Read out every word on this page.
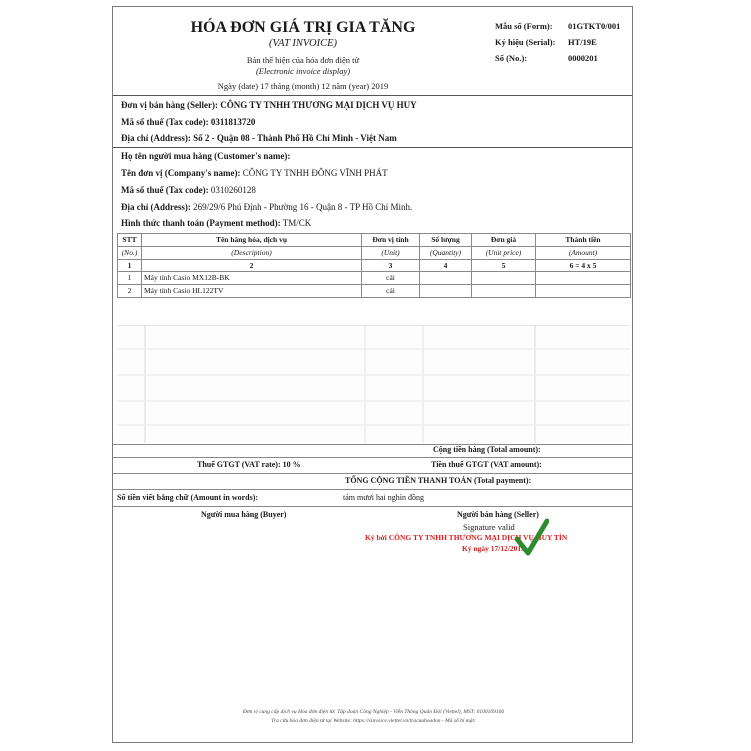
HÓA ĐƠN GIÁ TRỊ GIA TĂNG
(VAT INVOICE)
Bản thể hiện của hóa đơn điện tử
(Electronic invoice display)
Ngày (date) 17 tháng (month) 12 năm (year) 2019
Mẫu số (Form): 01GTKT0/001
Ký hiệu (Serial): HT/19E
Số (No.):	0000201
Đơn vị bán hàng (Seller): CÔNG TY TNHH THƯƠNG MẠI DỊCH VỤ HUY
Mã số thuế (Tax code): 0311813720
Địa chỉ (Address): Số 2 - Quận 08 - Thành Phố Hồ Chí Minh - Việt Nam
Họ tên người mua hàng (Customer's name):
Tên đơn vị (Company's name): CÔNG TY TNHH ĐÔNG VĨNH PHÁT
Mã số thuế (Tax code): 0310260128
Địa chỉ (Address): 269/29/6 Phú Định - Phường 16 - Quận 8 - TP Hồ Chí Minh.
Hình thức thanh toán (Payment method): TM/CK
STT	Tên hàng hóa, dịch vụ	Đơn vị tính	Số lượng	Đơn giá	Thành tiền
(No.)	(Description)	(Unit)	(Quantity)	(Unit price)	(Amount)
1	2	3	4	5	6 = 4 x 5
1	Máy tính Casio MX12B-BK	cái			
2	Máy tính Casio HL122TV	cái			
Cộng tiền hàng (Total amount):
Thuế GTGT (VAT rate): 10 %	Tiền thuế GTGT (VAT amount):
TỔNG CỘNG TIỀN THANH TOÁN (Total payment):
Số tiền viết bằng chữ (Amount in words):	tám mươi hai nghìn đồng
Người mua hàng (Buyer)	Người bán hàng (Seller)
Signature valid
Ký bởi CÔNG TY TNHH THƯƠNG MẠI DỊCH VỤ HUY TÍN
Ký ngày 17/12/2019
Đơn vị cung cấp dịch vụ Hóa đơn điện tử: Tập đoàn Công Nghiệp - Viễn Thông Quân Đội (Viettel), MST: 0100109106
Tra cứu hóa đơn điện tử tại Website: https://sinvoice.viettel.vn/tracuuhoadon - Mã số bí mật:
